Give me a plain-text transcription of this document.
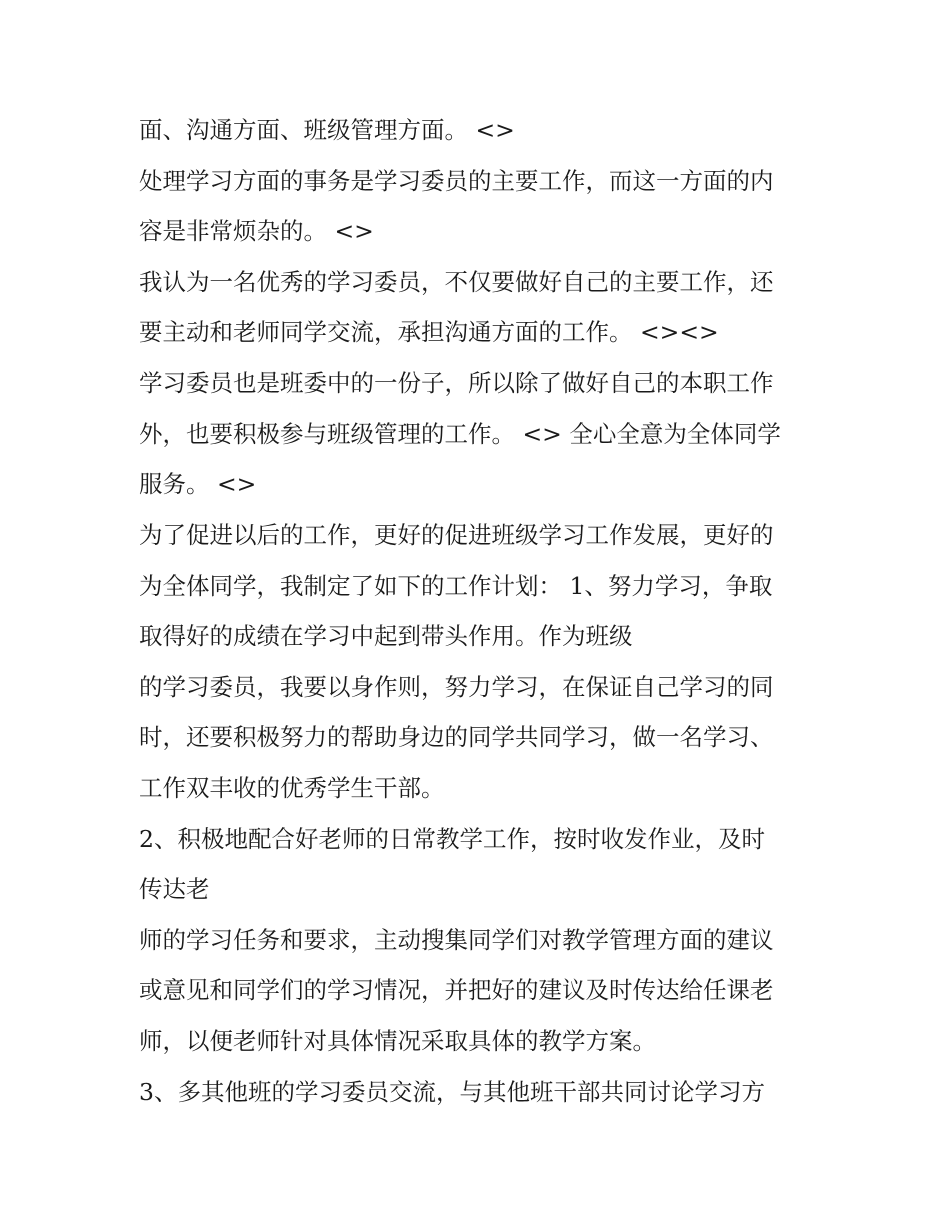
面、沟通方面、班级管理方面。 <>
处理学习方面的事务是学习委员的主要工作，而这一方面的内
容是非常烦杂的。 <>
我认为一名优秀的学习委员，不仅要做好自己的主要工作，还
要主动和老师同学交流，承担沟通方面的工作。 <><>
学习委员也是班委中的一份子，所以除了做好自己的本职工作
外，也要积极参与班级管理的工作。 <> 全心全意为全体同学
服务。 <>
为了促进以后的工作，更好的促进班级学习工作发展，更好的
为全体同学，我制定了如下的工作计划： 1、努力学习，争取
取得好的成绩在学习中起到带头作用。作为班级
的学习委员，我要以身作则，努力学习，在保证自己学习的同
时，还要积极努力的帮助身边的同学共同学习，做一名学习、
工作双丰收的优秀学生干部。
2、积极地配合好老师的日常教学工作，按时收发作业，及时
传达老
师的学习任务和要求，主动搜集同学们对教学管理方面的建议
或意见和同学们的学习情况，并把好的建议及时传达给任课老
师，以便老师针对具体情况采取具体的教学方案。
3、多其他班的学习委员交流，与其他班干部共同讨论学习方
